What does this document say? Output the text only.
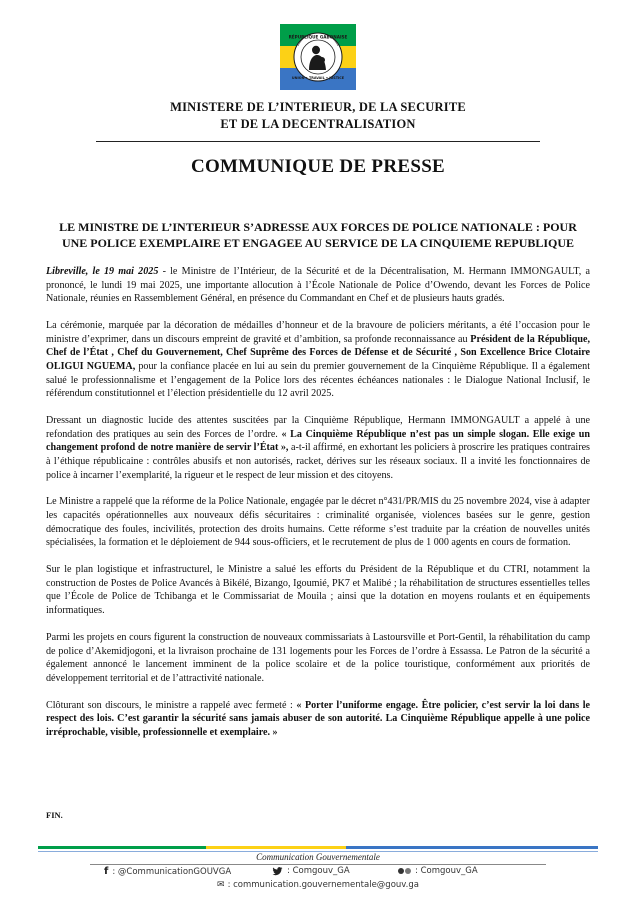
RÉPUBLIQUE GABONAISE
UNION • TRAVAIL • JUSTICE
MINISTERE DE L’INTERIEUR, DE LA SECURITE
ET DE LA DECENTRALISATION
COMMUNIQUE DE PRESSE
LE MINISTRE DE L’INTERIEUR S’ADRESSE AUX FORCES DE POLICE NATIONALE : POUR
UNE POLICE EXEMPLAIRE ET ENGAGEE AU SERVICE DE LA CINQUIEME REPUBLIQUE

Libreville, le 19 mai 2025 - le Ministre de l’Intérieur, de la Sécurité et de la Décentralisation, M. Hermann IMMONGAULT, a prononcé, le lundi 19 mai 2025, une importante allocution à l’École Nationale de Police d’Owendo, devant les Forces de Police Nationale, réunies en Rassemblement Général, en présence du Commandant en Chef et de plusieurs hauts gradés.

La cérémonie, marquée par la décoration de médailles d’honneur et de la bravoure de policiers méritants, a été l’occasion pour le ministre d’exprimer, dans un discours empreint de gravité et d’ambition, sa profonde reconnaissance au Président de la République, Chef de l’État , Chef du Gouvernement, Chef Suprême des Forces de Défense et de Sécurité , Son Excellence Brice Clotaire OLIGUI NGUEMA, pour la confiance placée en lui au sein du premier gouvernement de la Cinquième République. Il a également salué le professionnalisme et l’engagement de la Police lors des récentes échéances nationales : le Dialogue National Inclusif, le référendum constitutionnel et l’élection présidentielle du 12 avril 2025.

Dressant un diagnostic lucide des attentes suscitées par la Cinquième République, Hermann IMMONGAULT a appelé à une refondation des pratiques au sein des Forces de l’ordre. « La Cinquième République n’est pas un simple slogan. Elle exige un changement profond de notre manière de servir l’État », a-t-il affirmé, en exhortant les policiers à proscrire les pratiques contraires à l’éthique républicaine : contrôles abusifs et non autorisés, racket, dérives sur les réseaux sociaux. Il a invité les fonctionnaires de police à incarner l’exemplarité, la rigueur et le respect de leur mission et des citoyens.

Le Ministre a rappelé que la réforme de la Police Nationale, engagée par le décret n°431/PR/MIS du 25 novembre 2024, vise à adapter les capacités opérationnelles aux nouveaux défis sécuritaires : criminalité organisée, violences basées sur le genre, gestion démocratique des foules, incivilités, protection des droits humains. Cette réforme s’est traduite par la création de nouvelles unités spécialisées, la formation et le déploiement de 944 sous-officiers, et le recrutement de plus de 1 000 agents en cours de formation.

Sur le plan logistique et infrastructurel, le Ministre a salué les efforts du Président de la République et du CTRI, notamment la construction de Postes de Police Avancés à Bikélé, Bizango, Igoumié, PK7 et Malibé ; la réhabilitation de structures essentielles telles que l’École de Police de Tchibanga et le Commissariat de Mouila ; ainsi que la dotation en moyens roulants et en équipements informatiques.

Parmi les projets en cours figurent la construction de nouveaux commissariats à Lastoursville et Port-Gentil, la réhabilitation du camp de police d’Akemidjogoni, et la livraison prochaine de 131 logements pour les Forces de l’ordre à Essassa. Le Patron de la sécurité a également annoncé le lancement imminent de la police scolaire et de la police touristique, conformément aux priorités de développement territorial et de l’attractivité nationale.

Clôturant son discours, le ministre a rappelé avec fermeté : « Porter l’uniforme engage. Être policier, c’est servir la loi dans le respect des lois. C’est garantir la sécurité sans jamais abuser de son autorité. La Cinquième République appelle à une police irréprochable, visible, professionnelle et exemplaire. »

FIN.
Communication Gouvernementale
f : @CommunicationGOUVGA	: Comgouv_GA	: Comgouv_GA
✉ : communication.gouvernementale@gouv.ga
